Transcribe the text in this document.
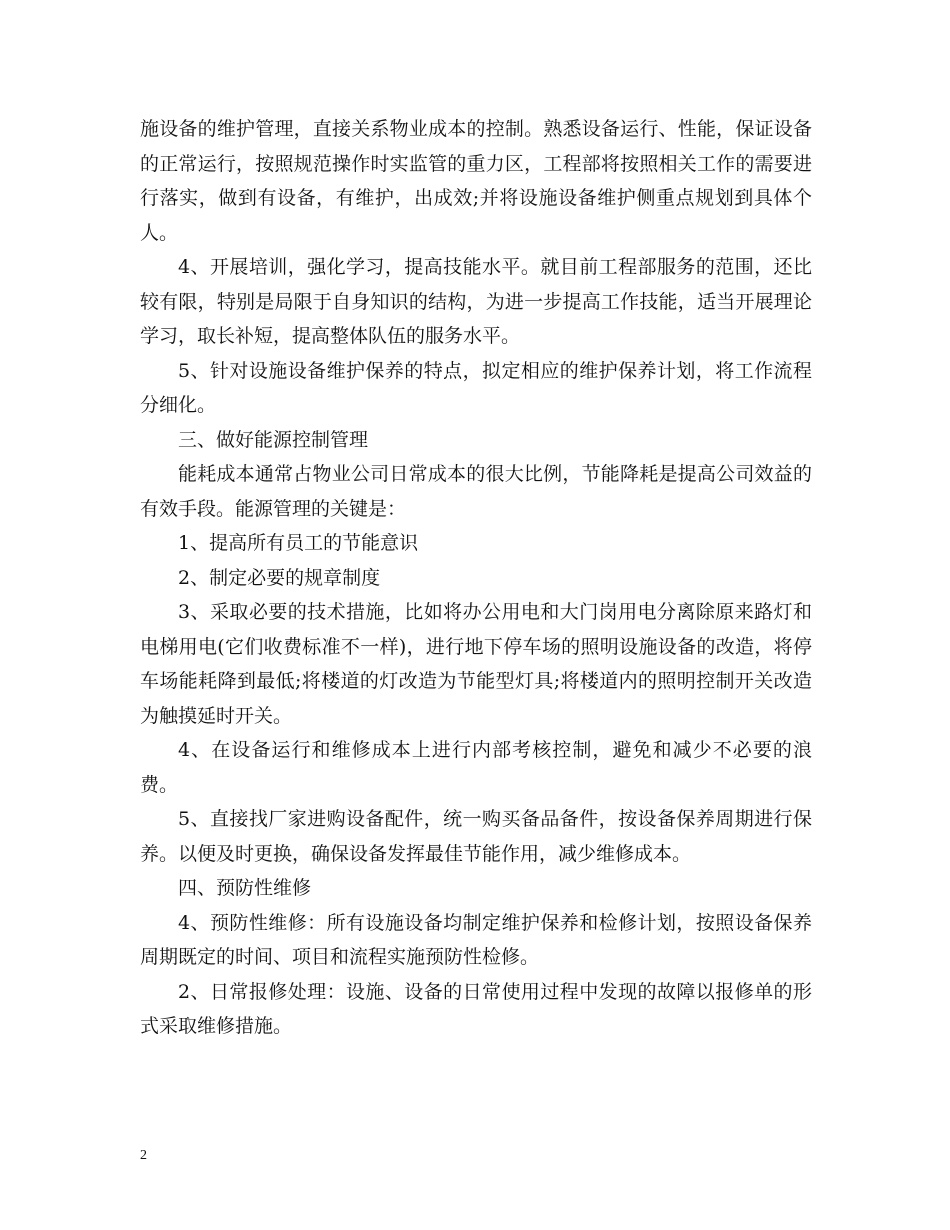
施设备的维护管理，直接关系物业成本的控制。熟悉设备运行、性能，保证设备的正常运行，按照规范操作时实监管的重力区，工程部将按照相关工作的需要进行落实，做到有设备，有维护，出成效;并将设施设备维护侧重点规划到具体个人。

4、开展培训，强化学习，提高技能水平。就目前工程部服务的范围，还比较有限，特别是局限于自身知识的结构，为进一步提高工作技能，适当开展理论学习，取长补短，提高整体队伍的服务水平。

5、针对设施设备维护保养的特点，拟定相应的维护保养计划，将工作流程分细化。

三、做好能源控制管理

能耗成本通常占物业公司日常成本的很大比例，节能降耗是提高公司效益的有效手段。能源管理的关键是：

1、提高所有员工的节能意识

2、制定必要的规章制度

3、采取必要的技术措施，比如将办公用电和大门岗用电分离除原来路灯和电梯用电(它们收费标准不一样)，进行地下停车场的照明设施设备的改造，将停车场能耗降到最低;将楼道的灯改造为节能型灯具;将楼道内的照明控制开关改造为触摸延时开关。

4、在设备运行和维修成本上进行内部考核控制，避免和减少不必要的浪费。

5、直接找厂家进购设备配件，统一购买备品备件，按设备保养周期进行保养。以便及时更换，确保设备发挥最佳节能作用，减少维修成本。

四、预防性维修

4、预防性维修：所有设施设备均制定维护保养和检修计划，按照设备保养周期既定的时间、项目和流程实施预防性检修。

2、日常报修处理：设施、设备的日常使用过程中发现的故障以报修单的形式采取维修措施。

2
